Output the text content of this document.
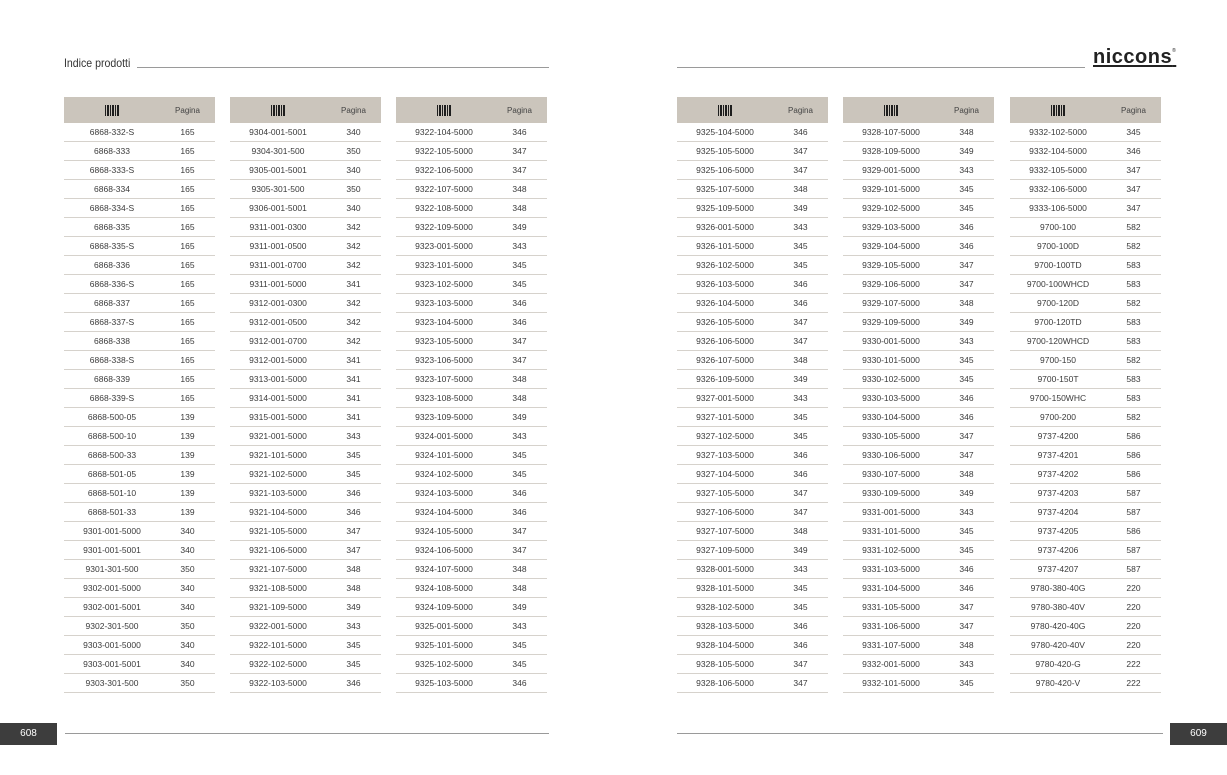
Indice prodotti	niccons®
	Pagina
6868-332-S	165
6868-333	165
6868-333-S	165
6868-334	165
6868-334-S	165
6868-335	165
6868-335-S	165
6868-336	165
6868-336-S	165
6868-337	165
6868-337-S	165
6868-338	165
6868-338-S	165
6868-339	165
6868-339-S	165
6868-500-05	139
6868-500-10	139
6868-500-33	139
6868-501-05	139
6868-501-10	139
6868-501-33	139
9301-001-5000	340
9301-001-5001	340
9301-301-500	350
9302-001-5000	340
9302-001-5001	340
9302-301-500	350
9303-001-5000	340
9303-001-5001	340
9303-301-500	350
	Pagina
9304-001-5001	340
9304-301-500	350
9305-001-5001	340
9305-301-500	350
9306-001-5001	340
9311-001-0300	342
9311-001-0500	342
9311-001-0700	342
9311-001-5000	341
9312-001-0300	342
9312-001-0500	342
9312-001-0700	342
9312-001-5000	341
9313-001-5000	341
9314-001-5000	341
9315-001-5000	341
9321-001-5000	343
9321-101-5000	345
9321-102-5000	345
9321-103-5000	346
9321-104-5000	346
9321-105-5000	347
9321-106-5000	347
9321-107-5000	348
9321-108-5000	348
9321-109-5000	349
9322-001-5000	343
9322-101-5000	345
9322-102-5000	345
9322-103-5000	346
	Pagina
9322-104-5000	346
9322-105-5000	347
9322-106-5000	347
9322-107-5000	348
9322-108-5000	348
9322-109-5000	349
9323-001-5000	343
9323-101-5000	345
9323-102-5000	345
9323-103-5000	346
9323-104-5000	346
9323-105-5000	347
9323-106-5000	347
9323-107-5000	348
9323-108-5000	348
9323-109-5000	349
9324-001-5000	343
9324-101-5000	345
9324-102-5000	345
9324-103-5000	346
9324-104-5000	346
9324-105-5000	347
9324-106-5000	347
9324-107-5000	348
9324-108-5000	348
9324-109-5000	349
9325-001-5000	343
9325-101-5000	345
9325-102-5000	345
9325-103-5000	346
	Pagina
9325-104-5000	346
9325-105-5000	347
9325-106-5000	347
9325-107-5000	348
9325-109-5000	349
9326-001-5000	343
9326-101-5000	345
9326-102-5000	345
9326-103-5000	346
9326-104-5000	346
9326-105-5000	347
9326-106-5000	347
9326-107-5000	348
9326-109-5000	349
9327-001-5000	343
9327-101-5000	345
9327-102-5000	345
9327-103-5000	346
9327-104-5000	346
9327-105-5000	347
9327-106-5000	347
9327-107-5000	348
9327-109-5000	349
9328-001-5000	343
9328-101-5000	345
9328-102-5000	345
9328-103-5000	346
9328-104-5000	346
9328-105-5000	347
9328-106-5000	347
	Pagina
9328-107-5000	348
9328-109-5000	349
9329-001-5000	343
9329-101-5000	345
9329-102-5000	345
9329-103-5000	346
9329-104-5000	346
9329-105-5000	347
9329-106-5000	347
9329-107-5000	348
9329-109-5000	349
9330-001-5000	343
9330-101-5000	345
9330-102-5000	345
9330-103-5000	346
9330-104-5000	346
9330-105-5000	347
9330-106-5000	347
9330-107-5000	348
9330-109-5000	349
9331-001-5000	343
9331-101-5000	345
9331-102-5000	345
9331-103-5000	346
9331-104-5000	346
9331-105-5000	347
9331-106-5000	347
9331-107-5000	348
9332-001-5000	343
9332-101-5000	345
	Pagina
9332-102-5000	345
9332-104-5000	346
9332-105-5000	347
9332-106-5000	347
9333-106-5000	347
9700-100	582
9700-100D	582
9700-100TD	583
9700-100WHCD	583
9700-120D	582
9700-120TD	583
9700-120WHCD	583
9700-150	582
9700-150T	583
9700-150WHC	583
9700-200	582
9737-4200	586
9737-4201	586
9737-4202	586
9737-4203	587
9737-4204	587
9737-4205	586
9737-4206	587
9737-4207	587
9780-380-40G	220
9780-380-40V	220
9780-420-40G	220
9780-420-40V	220
9780-420-G	222
9780-420-V	222
608	609
